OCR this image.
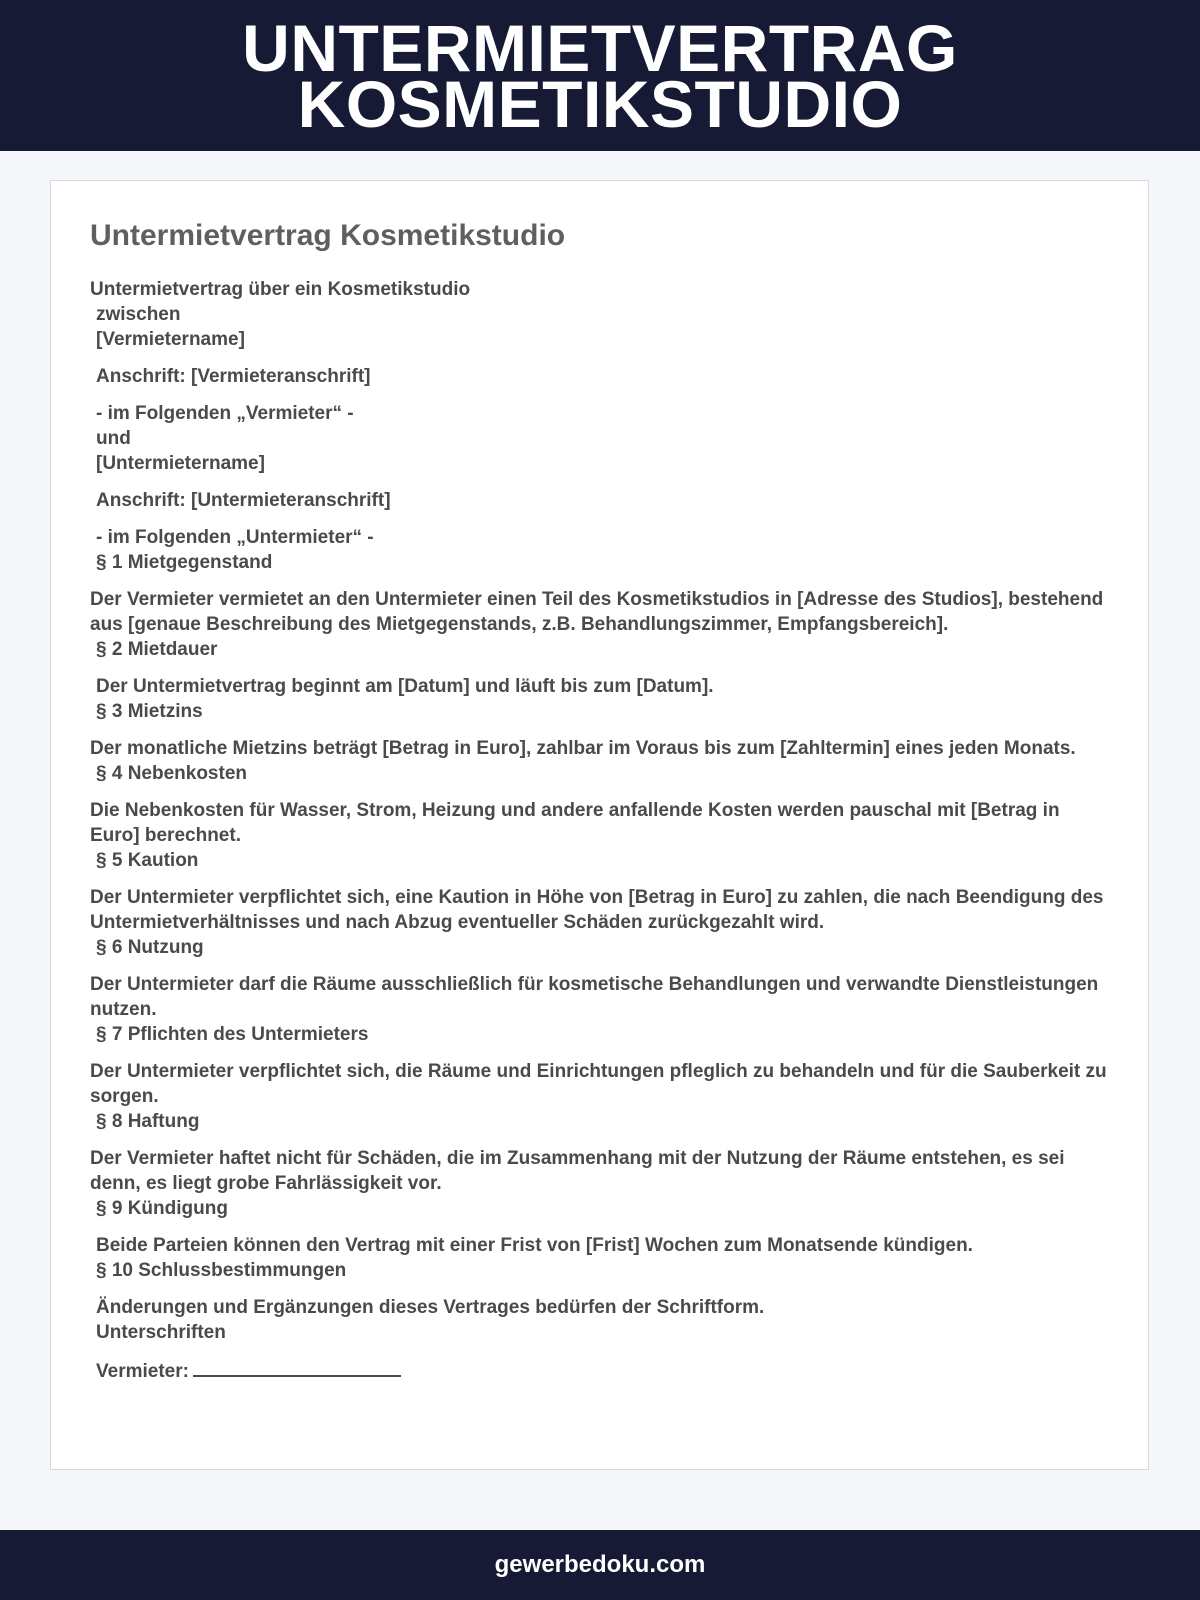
UNTERMIETVERTRAG
KOSMETIKSTUDIO
Untermietvertrag Kosmetikstudio
Untermietvertrag über ein Kosmetikstudio
zwischen
[Vermietername]
Anschrift: [Vermieteranschrift]
- im Folgenden „Vermieter“ -
und
[Untermietername]
Anschrift: [Untermieteranschrift]
- im Folgenden „Untermieter“ -
§ 1 Mietgegenstand
Der Vermieter vermietet an den Untermieter einen Teil des Kosmetikstudios in [Adresse des Studios], bestehend aus [genaue Beschreibung des Mietgegenstands, z.B. Behandlungszimmer, Empfangsbereich].
§ 2 Mietdauer
Der Untermietvertrag beginnt am [Datum] und läuft bis zum [Datum].
§ 3 Mietzins
Der monatliche Mietzins beträgt [Betrag in Euro], zahlbar im Voraus bis zum [Zahltermin] eines jeden Monats.
§ 4 Nebenkosten
Die Nebenkosten für Wasser, Strom, Heizung und andere anfallende Kosten werden pauschal mit [Betrag in Euro] berechnet.
§ 5 Kaution
Der Untermieter verpflichtet sich, eine Kaution in Höhe von [Betrag in Euro] zu zahlen, die nach Beendigung des Untermietverhältnisses und nach Abzug eventueller Schäden zurückgezahlt wird.
§ 6 Nutzung
Der Untermieter darf die Räume ausschließlich für kosmetische Behandlungen und verwandte Dienstleistungen nutzen.
§ 7 Pflichten des Untermieters
Der Untermieter verpflichtet sich, die Räume und Einrichtungen pfleglich zu behandeln und für die Sauberkeit zu sorgen.
§ 8 Haftung
Der Vermieter haftet nicht für Schäden, die im Zusammenhang mit der Nutzung der Räume entstehen, es sei denn, es liegt grobe Fahrlässigkeit vor.
§ 9 Kündigung
Beide Parteien können den Vertrag mit einer Frist von [Frist] Wochen zum Monatsende kündigen.
§ 10 Schlussbestimmungen
Änderungen und Ergänzungen dieses Vertrages bedürfen der Schriftform.
Unterschriften
Vermieter:
gewerbedoku.com
